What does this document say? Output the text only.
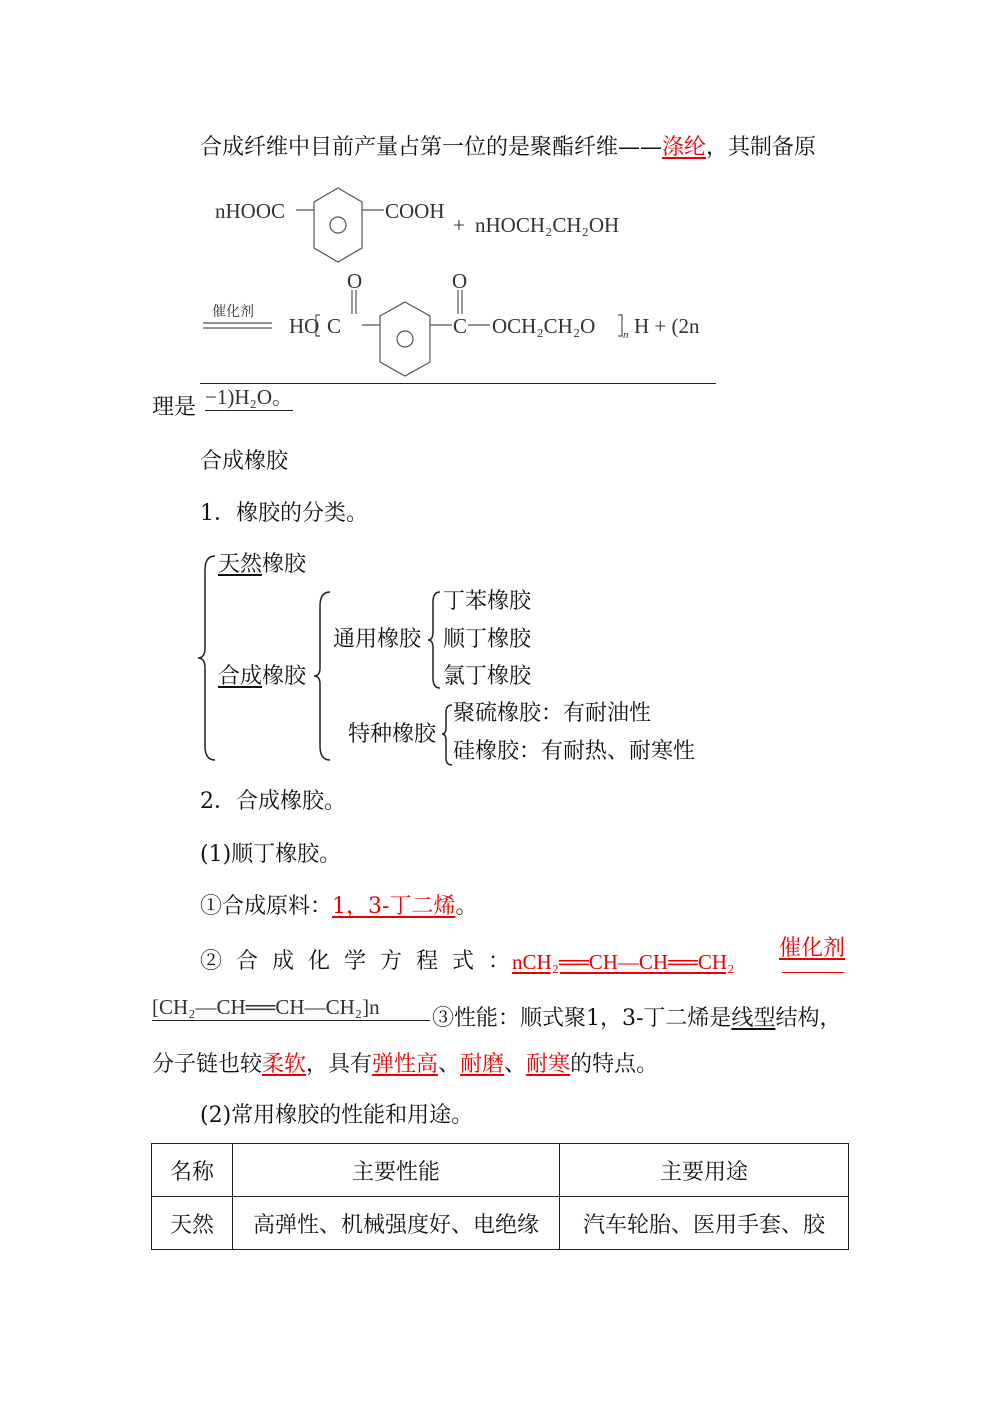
合成纤维中目前产量占第一位的是聚酯纤维——涤纶，其制备原
nHOOC	COOH
+ nHOCH₂CH₂OH
催化剂
HO
O
C
O
C OCH₂CH₂O	n H + (2n
理是 −1)H₂O。
合成橡胶
1．橡胶的分类。
天然橡胶
合成橡胶
通用橡胶
丁苯橡胶
顺丁橡胶
氯丁橡胶
特种橡胶
聚硫橡胶：有耐油性
硅橡胶：有耐热、耐寒性
2．合成橡胶。
(1)顺丁橡胶。
①合成原料：1，3-丁二烯。
②合成化学方程式：
nCH₂══CH—CH══CH₂
催化剂
[CH₂—CH══CH—CH₂]n	③性能：顺式聚1，3-丁二烯是线型结构，
分子链也较柔软，具有弹性高、耐磨、耐寒的特点。
(2)常用橡胶的性能和用途。
名称	主要性能	主要用途
天然	高弹性、机械强度好、电绝缘	汽车轮胎、医用手套、胶
